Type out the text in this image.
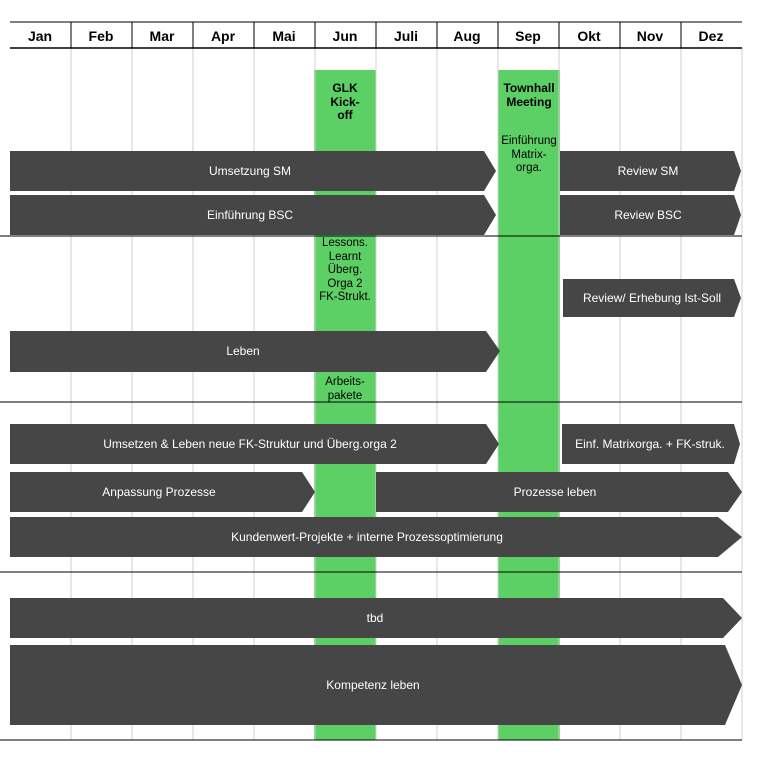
Jan	Feb	Mar	Apr	Mai	Jun	Juli	Aug	Sep	Okt	Nov	Dez
GLK
Kick-
off
Townhall
Meeting
Einführung
Matrix-
orga.
Lessons.
Learnt
Überg.
Orga 2
FK-Strukt.
Arbeits-
pakete
Umsetzung SM	Review SM
Einführung BSC	Review BSC
Review/ Erhebung Ist-Soll
Leben
Umsetzen & Leben neue FK-Struktur und Überg.orga 2	Einf. Matrixorga. + FK-struk.
Anpassung Prozesse	Prozesse leben
Kundenwert-Projekte + interne Prozessoptimierung
tbd
Kompetenz leben
